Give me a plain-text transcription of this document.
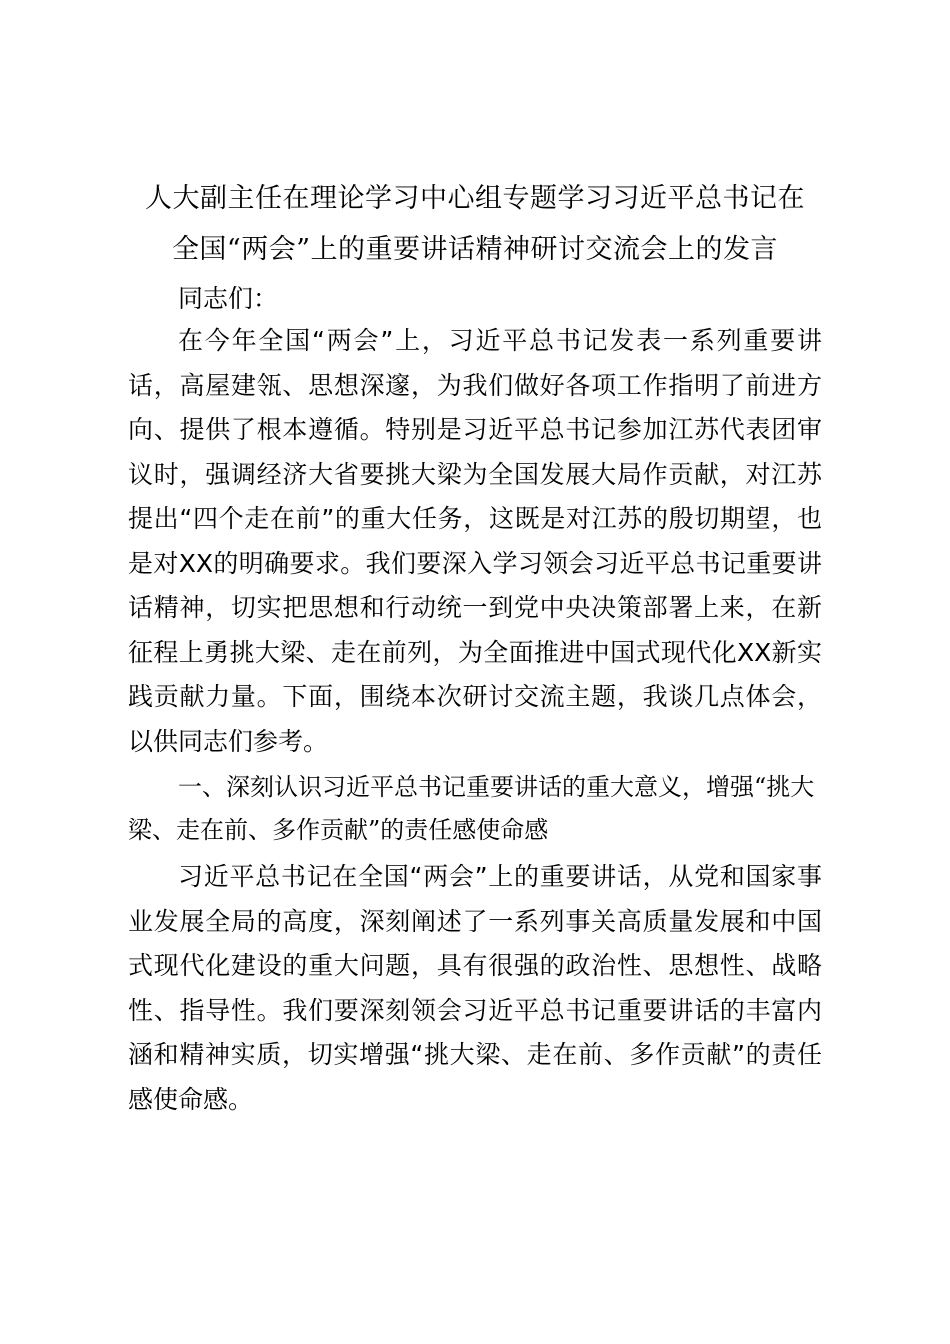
人大副主任在理论学习中心组专题学习习近平总书记在
全国“两会”上的重要讲话精神研讨交流会上的发言
同志们：

在今年全国“两会”上，习近平总书记发表一系列重要讲话，高屋建瓴、思想深邃，为我们做好各项工作指明了前进方向、提供了根本遵循。特别是习近平总书记参加江苏代表团审议时，强调经济大省要挑大梁为全国发展大局作贡献，对江苏提出“四个走在前”的重大任务，这既是对江苏的殷切期望，也是对XX的明确要求。我们要深入学习领会习近平总书记重要讲话精神，切实把思想和行动统一到党中央决策部署上来，在新征程上勇挑大梁、走在前列，为全面推进中国式现代化XX新实践贡献力量。下面，围绕本次研讨交流主题，我谈几点体会，以供同志们参考。

一、深刻认识习近平总书记重要讲话的重大意义，增强“挑大梁、走在前、多作贡献”的责任感使命感

习近平总书记在全国“两会”上的重要讲话，从党和国家事业发展全局的高度，深刻阐述了一系列事关高质量发展和中国式现代化建设的重大问题，具有很强的政治性、思想性、战略性、指导性。我们要深刻领会习近平总书记重要讲话的丰富内涵和精神实质，切实增强“挑大梁、走在前、多作贡献”的责任感使命感。
